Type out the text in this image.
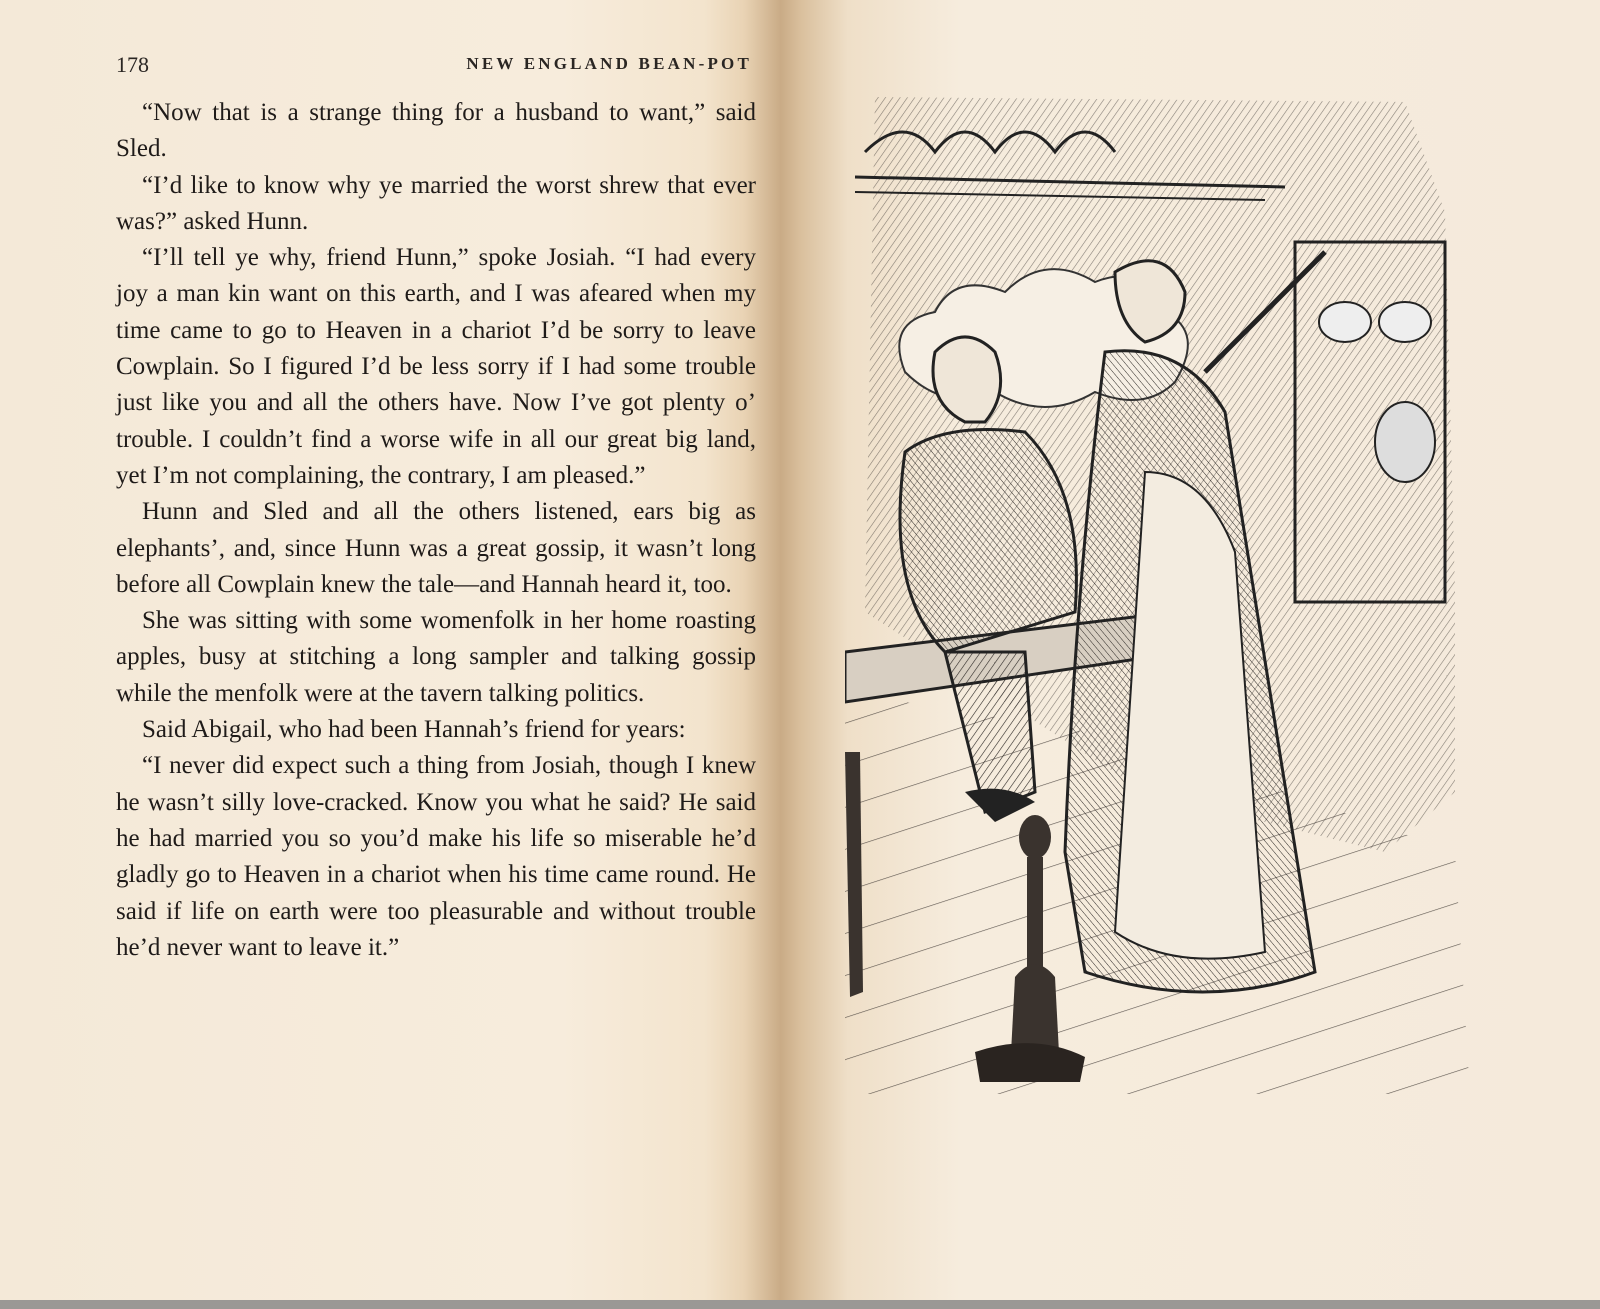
178	NEW ENGLAND BEAN-POT

“Now that is a strange thing for a husband to want,” said Sled.

“I’d like to know why ye married the worst shrew that ever was?” asked Hunn.

“I’ll tell ye why, friend Hunn,” spoke Josiah. “I had every joy a man kin want on this earth, and I was afeared when my time came to go to Heaven in a chariot I’d be sorry to leave Cowplain. So I figured I’d be less sorry if I had some trouble just like you and all the others have. Now I’ve got plenty o’ trouble. I couldn’t find a worse wife in all our great big land, yet I’m not complaining, the contrary, I am pleased.”

Hunn and Sled and all the others listened, ears big as elephants’, and, since Hunn was a great gossip, it wasn’t long before all Cowplain knew the tale—and Hannah heard it, too.

She was sitting with some womenfolk in her home roasting apples, busy at stitching a long sampler and talking gossip while the menfolk were at the tavern talking politics.

Said Abigail, who had been Hannah’s friend for years:

“I never did expect such a thing from Josiah, though I knew he wasn’t silly love-cracked. Know you what he said? He said he had married you so you’d make his life so miserable he’d gladly go to Heaven in a chariot when his time came round. He said if life on earth were too pleasurable and without trouble he’d never want to leave it.”
